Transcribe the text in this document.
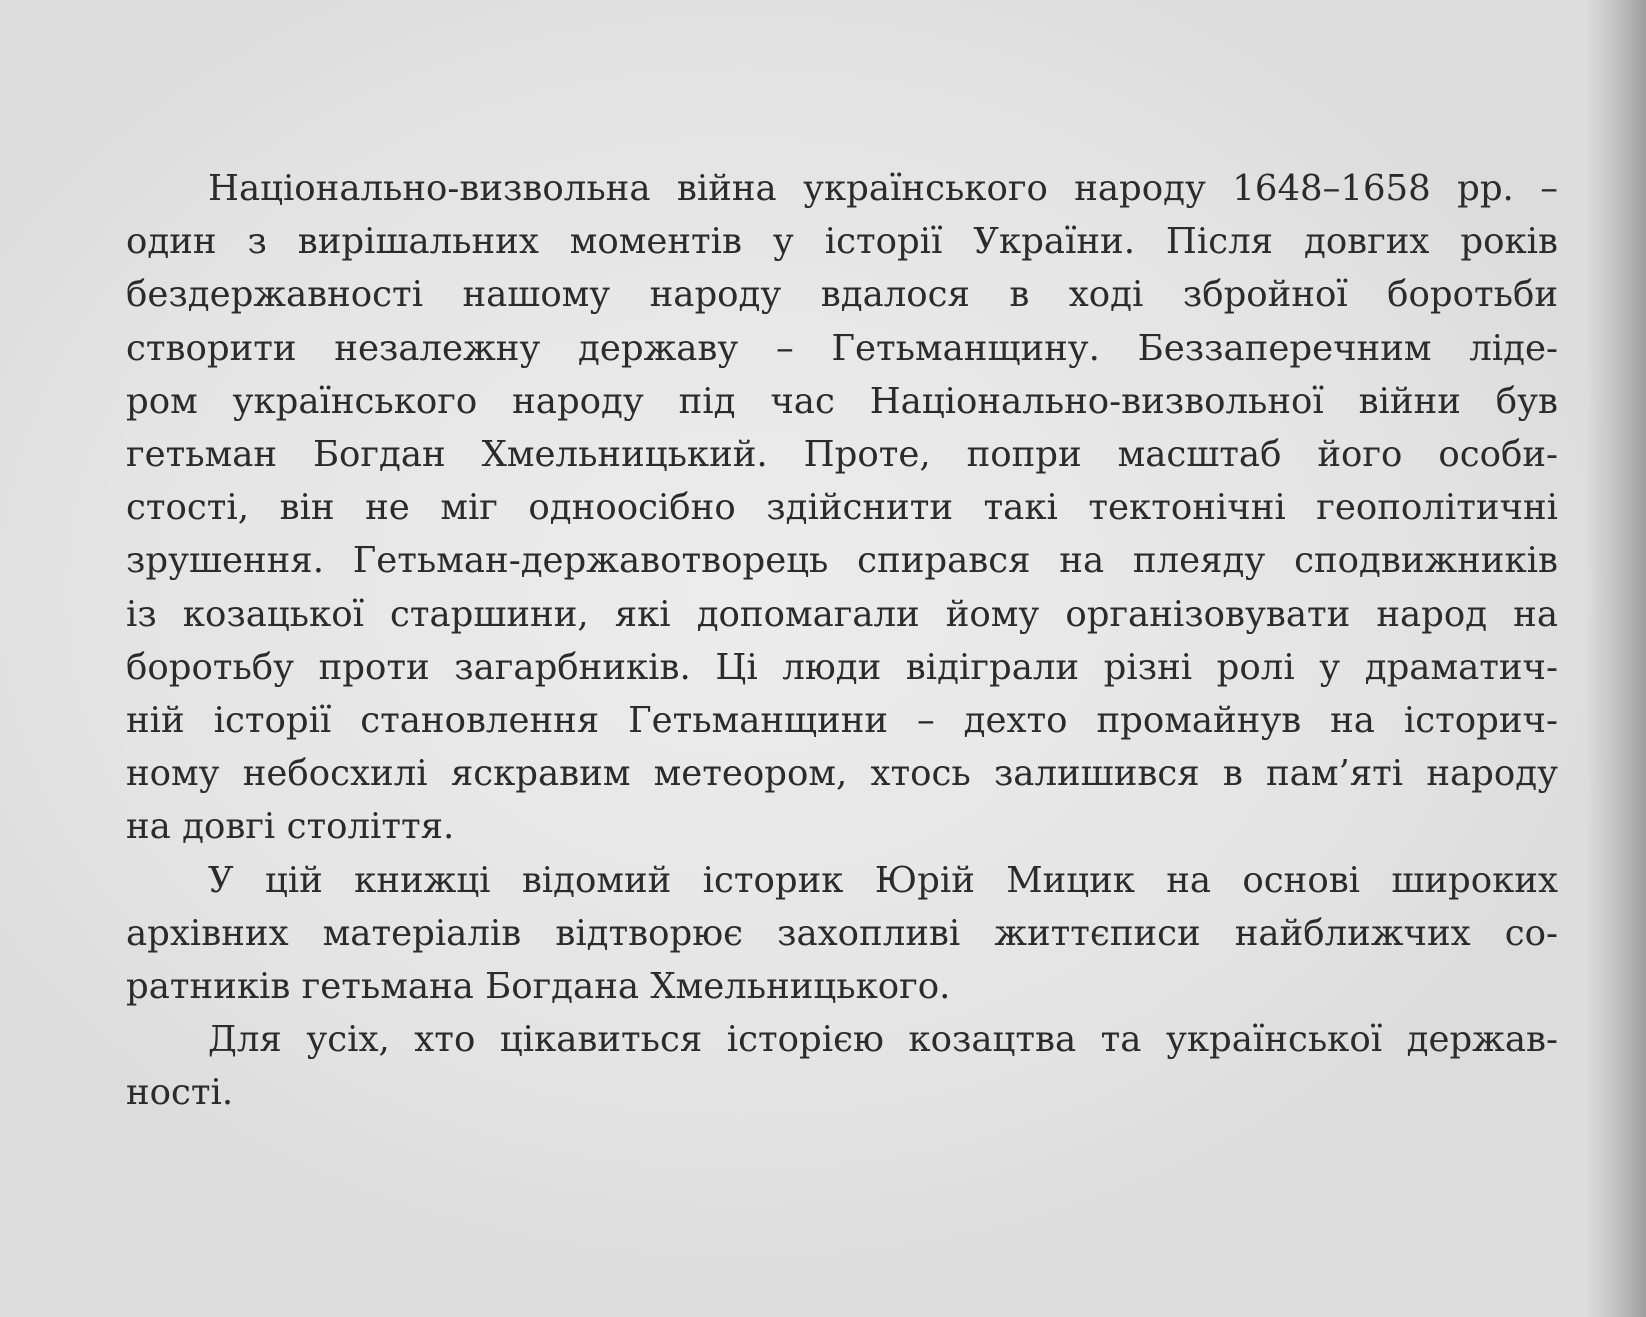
Національно-визвольна війна українського народу 1648–1658 рр. –
один з вирішальних моментів у історії України. Після довгих років
бездержавності нашому народу вдалося в ході збройної боротьби
створити незалежну державу – Гетьманщину. Беззаперечним ліде-
ром українського народу під час Національно-визвольної війни був
гетьман Богдан Хмельницький. Проте, попри масштаб його особи-
стості, він не міг одноосібно здійснити такі тектонічні геополітичні
зрушення. Гетьман-державотворець спирався на плеяду сподвижників
із козацької старшини, які допомагали йому організовувати народ на
боротьбу проти загарбників. Ці люди відіграли різні ролі у драматич-
ній історії становлення Гетьманщини – дехто промайнув на історич-
ному небосхилі яскравим метеором, хтось залишився в пам’яті народу
на довгі століття.

У цій книжці відомий історик Юрій Мицик на основі широких
архівних матеріалів відтворює захопливі життєписи найближчих со-
ратників гетьмана Богдана Хмельницького.

Для усіх, хто цікавиться історією козацтва та української держав-
ності.
